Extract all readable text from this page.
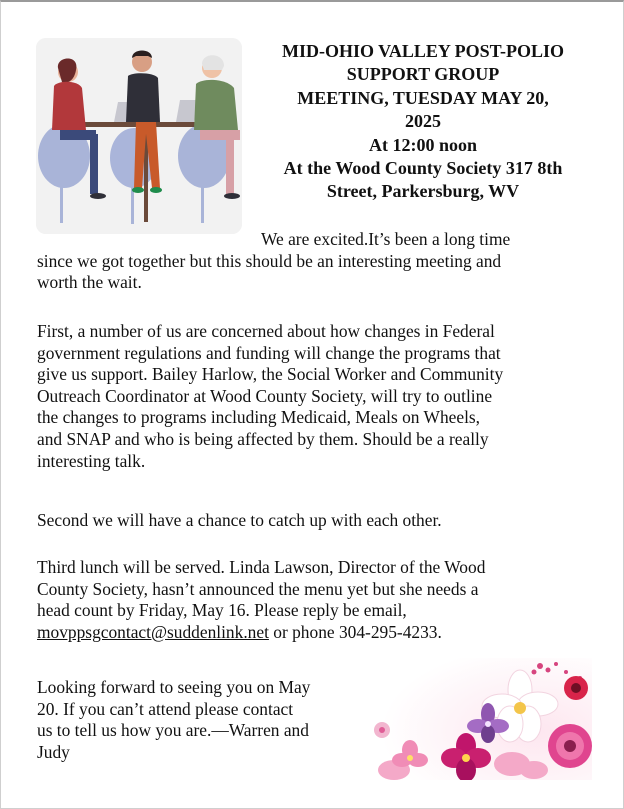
MID-OHIO VALLEY POST-POLIO
SUPPORT GROUP
MEETING, TUESDAY MAY 20,
2025
At 12:00 noon
At the Wood County Society 317 8th
Street, Parkersburg, WV
We are excited.It’s been a long time
since we got together but this should be an interesting meeting and
worth the wait.
First, a number of us are concerned about how changes in Federal
government regulations and funding will change the programs that
give us support. Bailey Harlow, the Social Worker and Community
Outreach Coordinator at Wood County Society, will try to outline
the changes to programs including Medicaid, Meals on Wheels,
and SNAP and who is being affected by them. Should be a really
interesting talk.
Second we will have a chance to catch up with each other.
Third lunch will be served. Linda Lawson, Director of the Wood
County Society, hasn’t announced the menu yet but she needs a
head count by Friday, May 16. Please reply be email,
movppsgcontact@suddenlink.net or phone 304-295-4233.
Looking forward to seeing you on May
20. If you can’t attend please contact
us to tell us how you are.—Warren and
Judy
